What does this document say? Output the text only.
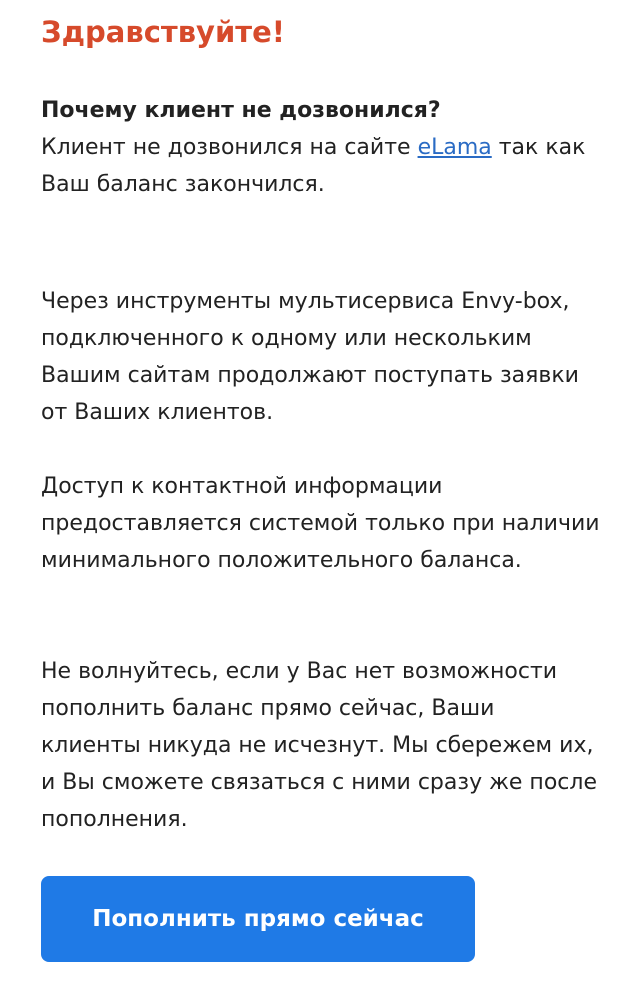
Здравствуйте!

Почему клиент не дозвонился?
Клиент не дозвонился на сайте eLama так как Ваш баланс закончился.

Через инструменты мультисервиса Envy-box, подключенного к одному или нескольким Вашим сайтам продолжают поступать заявки от Ваших клиентов.

Доступ к контактной информации предоставляется системой только при наличии минимального положительного баланса.

Не волнуйтесь, если у Вас нет возможности пополнить баланс прямо сейчас, Ваши клиенты никуда не исчезнут. Мы сбережем их, и Вы сможете связаться с ними сразу же после пополнения.

Пополнить прямо сейчас
